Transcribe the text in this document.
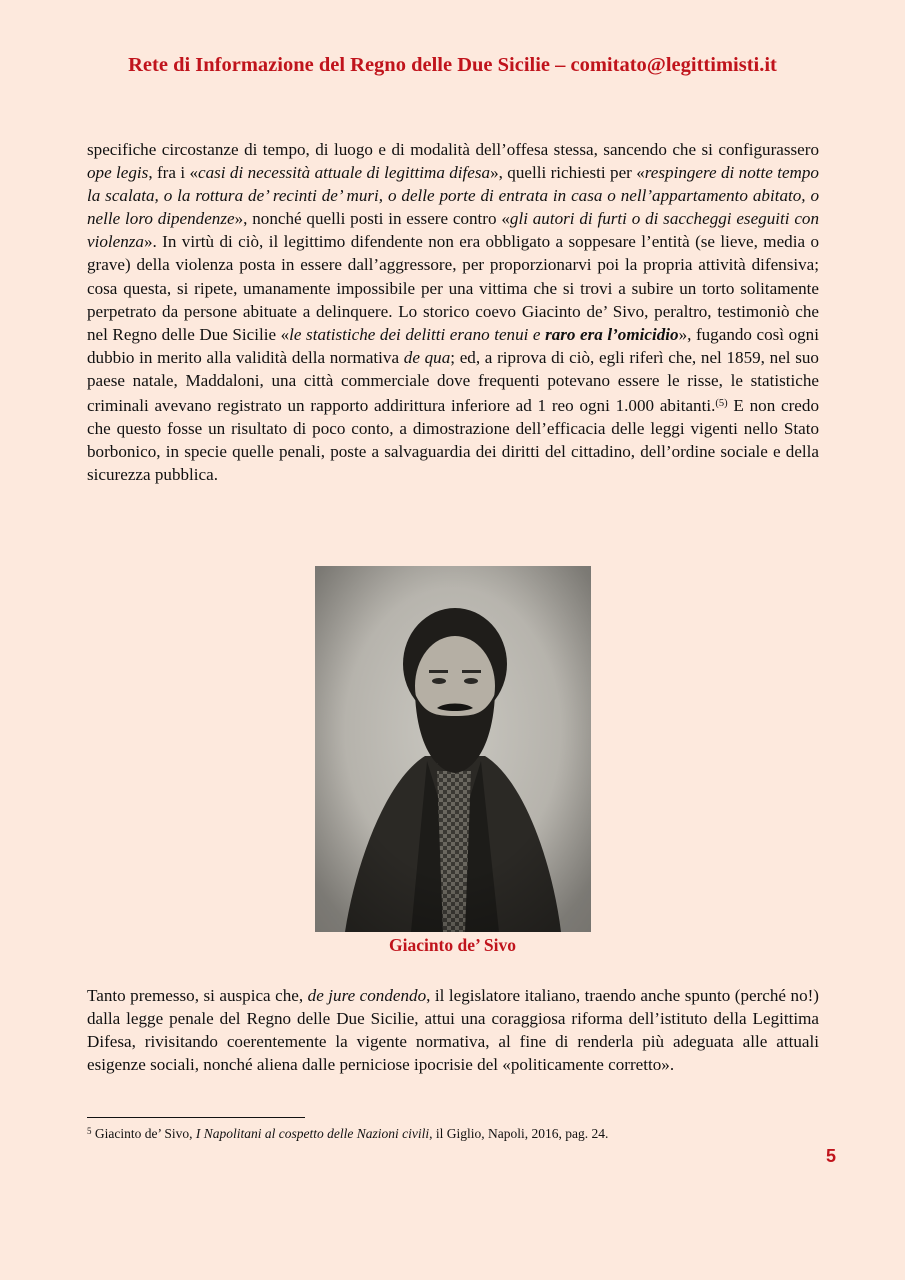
Rete di Informazione del Regno delle Due Sicilie – comitato@legittimisti.it
specifiche circostanze di tempo, di luogo e di modalità dell’offesa stessa, sancendo che si configurassero ope legis, fra i «casi di necessità attuale di legittima difesa», quelli richiesti per «respingere di notte tempo la scalata, o la rottura de’ recinti de’ muri, o delle porte di entrata in casa o nell’appartamento abitato, o nelle loro dipendenze», nonché quelli posti in essere contro «gli autori di furti o di saccheggi eseguiti con violenza». In virtù di ciò, il legittimo difendente non era obbligato a soppesare l’entità (se lieve, media o grave) della violenza posta in essere dall’aggressore, per proporzionarvi poi la propria attività difensiva; cosa questa, si ripete, umanamente impossibile per una vittima che si trovi a subire un torto solitamente perpetrato da persone abituate a delinquere. Lo storico coevo Giacinto de’ Sivo, peraltro, testimoniò che nel Regno delle Due Sicilie «le statistiche dei delitti erano tenui e raro era l’omicidio», fugando così ogni dubbio in merito alla validità della normativa de qua; ed, a riprova di ciò, egli riferì che, nel 1859, nel suo paese natale, Maddaloni, una città commerciale dove frequenti potevano essere le risse, le statistiche criminali avevano registrato un rapporto addirittura inferiore ad 1 reo ogni 1.000 abitanti.$^{(5)}$ E non credo che questo fosse un risultato di poco conto, a dimostrazione dell’efficacia delle leggi vigenti nello Stato borbonico, in specie quelle penali, poste a salvaguardia dei diritti del cittadino, dell’ordine sociale e della sicurezza pubblica.
Giacinto de’ Sivo
Tanto premesso, si auspica che, de jure condendo, il legislatore italiano, traendo anche spunto (perché no!) dalla legge penale del Regno delle Due Sicilie, attui una coraggiosa riforma dell’istituto della Legittima Difesa, rivisitando coerentemente la vigente normativa, al fine di renderla più adeguata alle attuali esigenze sociali, nonché aliena dalle perniciose ipocrisie del «politicamente corretto».
$^5$ Giacinto de’ Sivo, I Napolitani al cospetto delle Nazioni civili, il Giglio, Napoli, 2016, pag. 24.
5
